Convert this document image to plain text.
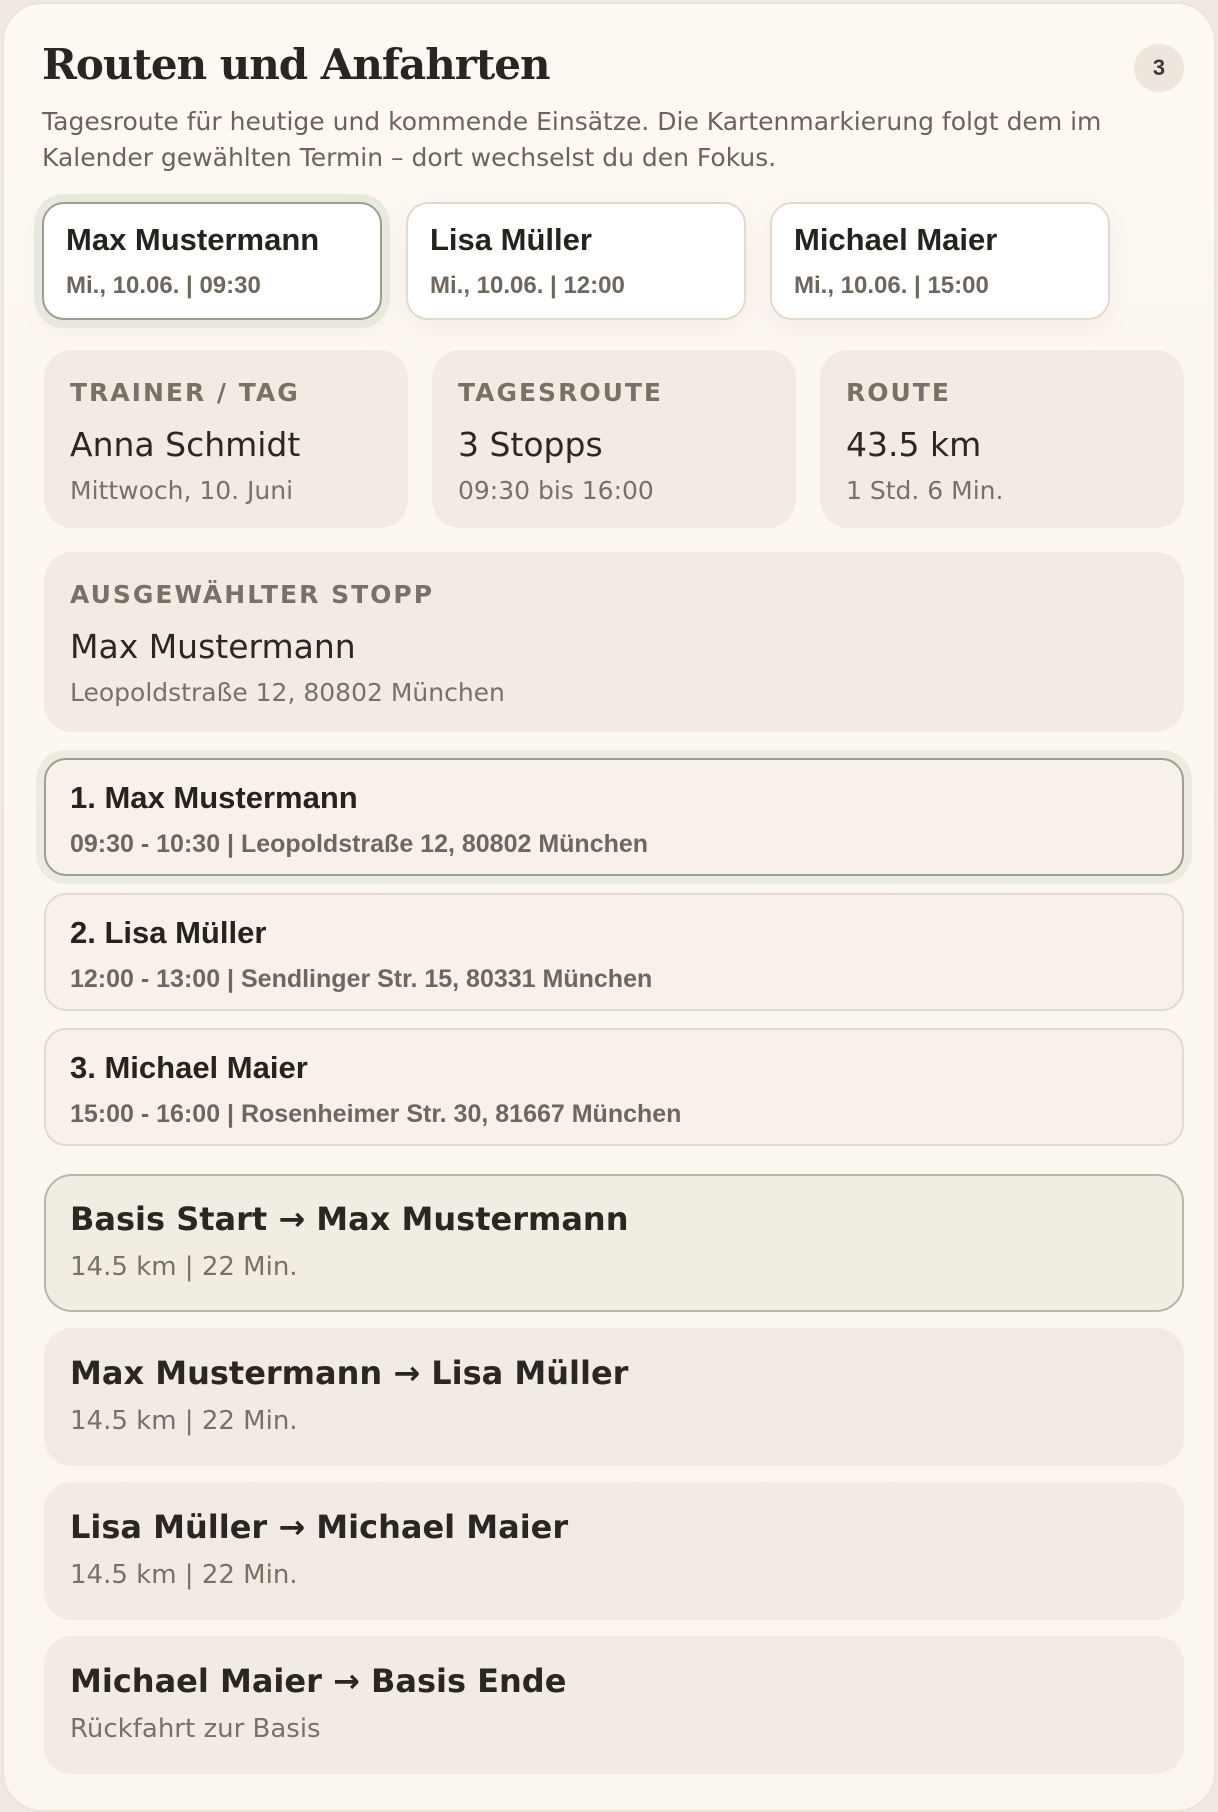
Routen und Anfahrten	3

Tagesroute für heutige und kommende Einsätze. Die Kartenmarkierung folgt dem im Kalender gewählten Termin – dort wechselst du den Fokus.

Max Mustermann
Mi., 10.06. | 09:30
Lisa Müller
Mi., 10.06. | 12:00
Michael Maier
Mi., 10.06. | 15:00
TRAINER / TAG
Anna Schmidt
Mittwoch, 10. Juni
TAGESROUTE
3 Stopps
09:30 bis 16:00
ROUTE
43.5 km
1 Std. 6 Min.
AUSGEWÄHLTER STOPP
Max Mustermann
Leopoldstraße 12, 80802 München
1. Max Mustermann
09:30 - 10:30 | Leopoldstraße 12, 80802 München
2. Lisa Müller
12:00 - 13:00 | Sendlinger Str. 15, 80331 München
3. Michael Maier
15:00 - 16:00 | Rosenheimer Str. 30, 81667 München
Basis Start → Max Mustermann
14.5 km | 22 Min.
Max Mustermann → Lisa Müller
14.5 km | 22 Min.
Lisa Müller → Michael Maier
14.5 km | 22 Min.
Michael Maier → Basis Ende
Rückfahrt zur Basis
